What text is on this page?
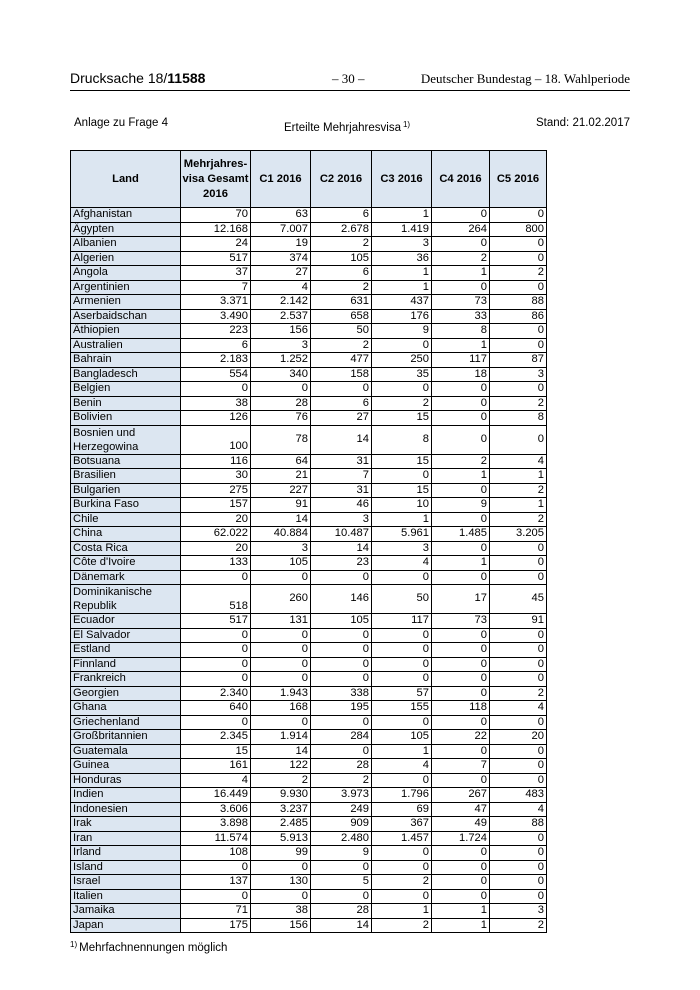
Drucksache 18/11588	– 30 –	Deutscher Bundestag – 18. Wahlperiode
Anlage zu Frage 4	Erteilte Mehrjahresvisa $^{1)}$	Stand: 21.02.2017
Land	Mehrjahres-visa Gesamt 2016	C1 2016	C2 2016	C3 2016	C4 2016	C5 2016
Afghanistan	70	63	6	1	0	0
Ägypten	12.168	7.007	2.678	1.419	264	800
Albanien	24	19	2	3	0	0
Algerien	517	374	105	36	2	0
Angola	37	27	6	1	1	2
Argentinien	7	4	2	1	0	0
Armenien	3.371	2.142	631	437	73	88
Aserbaidschan	3.490	2.537	658	176	33	86
Äthiopien	223	156	50	9	8	0
Australien	6	3	2	0	1	0
Bahrain	2.183	1.252	477	250	117	87
Bangladesch	554	340	158	35	18	3
Belgien	0	0	0	0	0	0
Benin	38	28	6	2	0	2
Bolivien	126	76	27	15	0	8
Bosnien und Herzegowina	100	78	14	8	0	0
Botsuana	116	64	31	15	2	4
Brasilien	30	21	7	0	1	1
Bulgarien	275	227	31	15	0	2
Burkina Faso	157	91	46	10	9	1
Chile	20	14	3	1	0	2
China	62.022	40.884	10.487	5.961	1.485	3.205
Costa Rica	20	3	14	3	0	0
Côte d'Ivoire	133	105	23	4	1	0
Dänemark	0	0	0	0	0	0
Dominikanische Republik	518	260	146	50	17	45
Ecuador	517	131	105	117	73	91
El Salvador	0	0	0	0	0	0
Estland	0	0	0	0	0	0
Finnland	0	0	0	0	0	0
Frankreich	0	0	0	0	0	0
Georgien	2.340	1.943	338	57	0	2
Ghana	640	168	195	155	118	4
Griechenland	0	0	0	0	0	0
Großbritannien	2.345	1.914	284	105	22	20
Guatemala	15	14	0	1	0	0
Guinea	161	122	28	4	7	0
Honduras	4	2	2	0	0	0
Indien	16.449	9.930	3.973	1.796	267	483
Indonesien	3.606	3.237	249	69	47	4
Irak	3.898	2.485	909	367	49	88
Iran	11.574	5.913	2.480	1.457	1.724	0
Irland	108	99	9	0	0	0
Island	0	0	0	0	0	0
Israel	137	130	5	2	0	0
Italien	0	0	0	0	0	0
Jamaika	71	38	28	1	1	3
Japan	175	156	14	2	1	2
$^{1)}$ Mehrfachnennungen möglich
